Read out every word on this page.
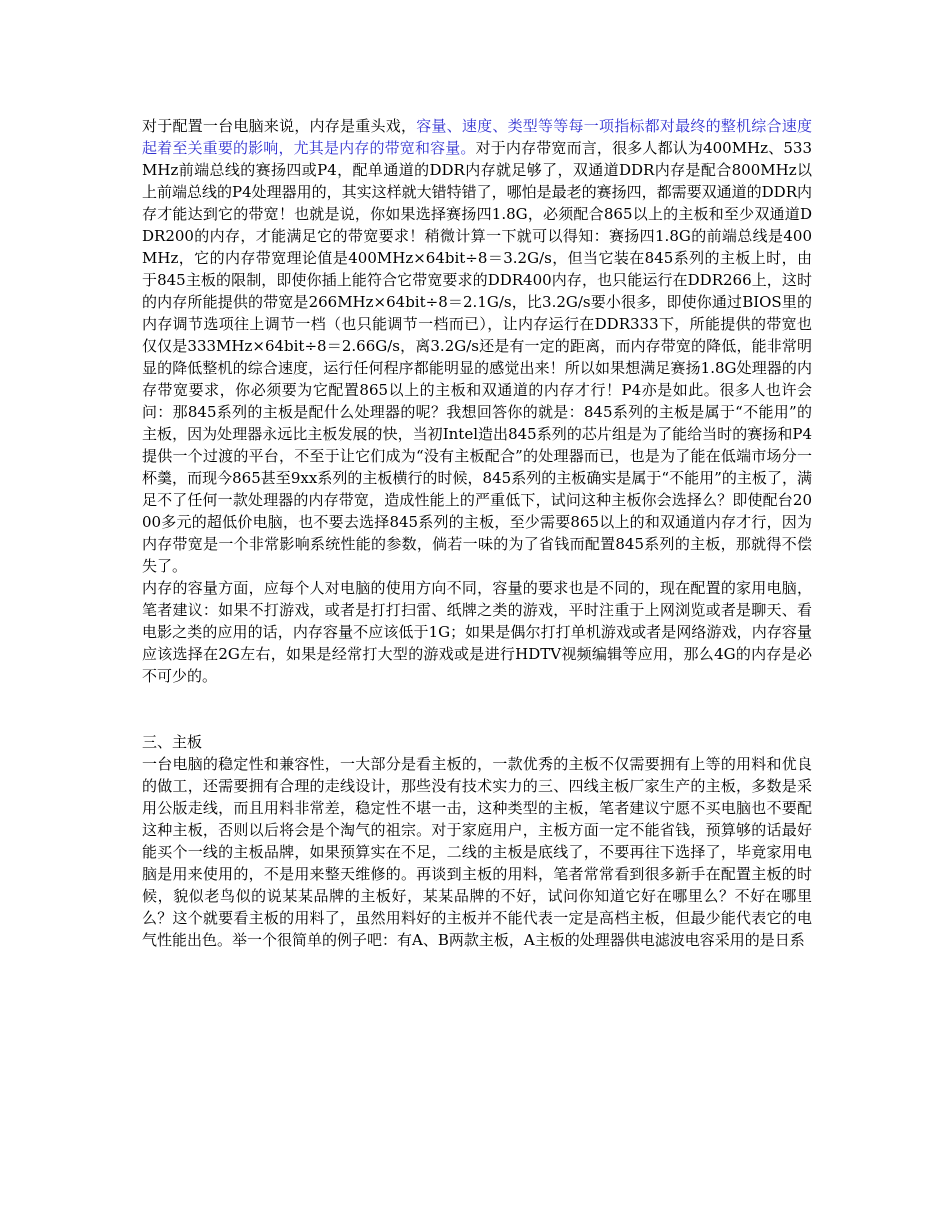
对于配置一台电脑来说，内存是重头戏，容量、速度、类型等等每一项指标都对最终的整机综合速度起着至关重要的影响，尤其是内存的带宽和容量。对于内存带宽而言，很多人都认为400MHz、533MHz前端总线的赛扬四或P4，配单通道的DDR内存就足够了，双通道DDR内存是配合800MHz以上前端总线的P4处理器用的，其实这样就大错特错了，哪怕是最老的赛扬四，都需要双通道的DDR内存才能达到它的带宽！也就是说，你如果选择赛扬四1.8G，必须配合865以上的主板和至少双通道DDR200的内存，才能满足它的带宽要求！稍微计算一下就可以得知：赛扬四1.8G的前端总线是400MHz，它的内存带宽理论值是400MHz×64bit÷8＝3.2G/s，但当它装在845系列的主板上时，由于845主板的限制，即使你插上能符合它带宽要求的DDR400内存，也只能运行在DDR266上，这时的内存所能提供的带宽是266MHz×64bit÷8＝2.1G/s，比3.2G/s要小很多，即使你通过BIOS里的内存调节选项往上调节一档（也只能调节一档而已），让内存运行在DDR333下，所能提供的带宽也仅仅是333MHz×64bit÷8＝2.66G/s，离3.2G/s还是有一定的距离，而内存带宽的降低，能非常明显的降低整机的综合速度，运行任何程序都能明显的感觉出来！所以如果想满足赛扬1.8G处理器的内存带宽要求，你必须要为它配置865以上的主板和双通道的内存才行！P4亦是如此。很多人也许会问：那845系列的主板是配什么处理器的呢？我想回答你的就是：845系列的主板是属于“不能用”的主板，因为处理器永远比主板发展的快，当初Intel造出845系列的芯片组是为了能给当时的赛扬和P4提供一个过渡的平台，不至于让它们成为“没有主板配合”的处理器而已，也是为了能在低端市场分一杯羹，而现今865甚至9xx系列的主板横行的时候，845系列的主板确实是属于“不能用”的主板了，满足不了任何一款处理器的内存带宽，造成性能上的严重低下，试问这种主板你会选择么？即使配台2000多元的超低价电脑，也不要去选择845系列的主板，至少需要865以上的和双通道内存才行，因为内存带宽是一个非常影响系统性能的参数，倘若一味的为了省钱而配置845系列的主板，那就得不偿失了。

内存的容量方面，应每个人对电脑的使用方向不同，容量的要求也是不同的，现在配置的家用电脑，笔者建议：如果不打游戏，或者是打打扫雷、纸牌之类的游戏，平时注重于上网浏览或者是聊天、看电影之类的应用的话，内存容量不应该低于1G；如果是偶尔打打单机游戏或者是网络游戏，内存容量应该选择在2G左右，如果是经常打大型的游戏或是进行HDTV视频编辑等应用，那么4G的内存是必不可少的。

三、主板

一台电脑的稳定性和兼容性，一大部分是看主板的，一款优秀的主板不仅需要拥有上等的用料和优良的做工，还需要拥有合理的走线设计，那些没有技术实力的三、四线主板厂家生产的主板，多数是采用公版走线，而且用料非常差，稳定性不堪一击，这种类型的主板，笔者建议宁愿不买电脑也不要配这种主板，否则以后将会是个淘气的祖宗。对于家庭用户，主板方面一定不能省钱，预算够的话最好能买个一线的主板品牌，如果预算实在不足，二线的主板是底线了，不要再往下选择了，毕竟家用电脑是用来使用的，不是用来整天维修的。再谈到主板的用料，笔者常常看到很多新手在配置主板的时候，貌似老鸟似的说某某品牌的主板好，某某品牌的不好，试问你知道它好在哪里么？不好在哪里么？这个就要看主板的用料了，虽然用料好的主板并不能代表一定是高档主板，但最少能代表它的电气性能出色。举一个很简单的例子吧：有A、B两款主板，A主板的处理器供电滤波电容采用的是日系
